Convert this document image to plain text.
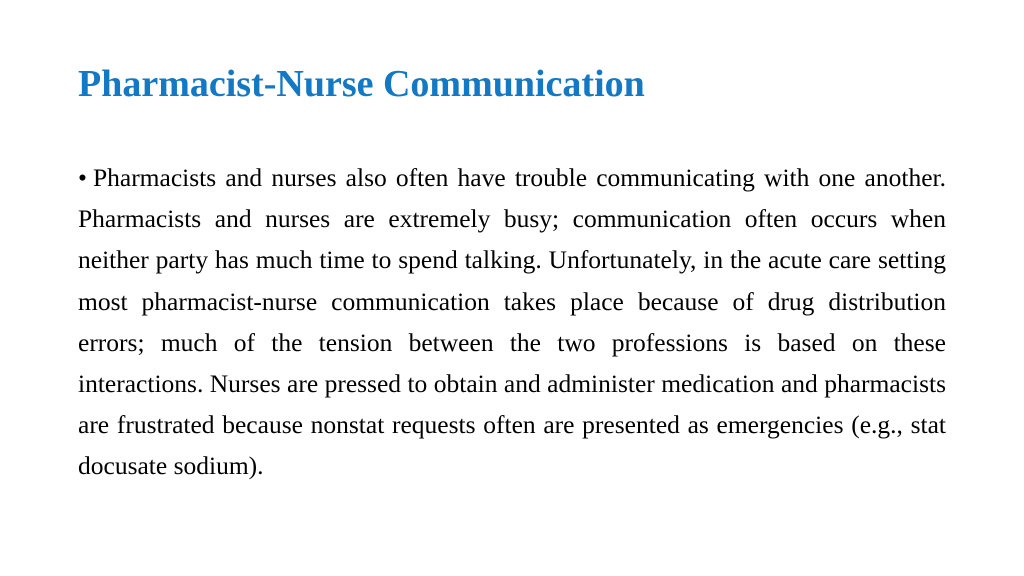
Pharmacist-Nurse Communication

• Pharmacists and nurses also often have trouble communicating with one another. Pharmacists and nurses are extremely busy; communication often occurs when neither party has much time to spend talking. Unfortunately, in the acute care setting most pharmacist-nurse communication takes place because of drug distribution errors; much of the tension between the two professions is based on these interactions. Nurses are pressed to obtain and administer medication and pharmacists are frustrated because nonstat requests often are presented as emergencies (e.g., stat docusate sodium).
